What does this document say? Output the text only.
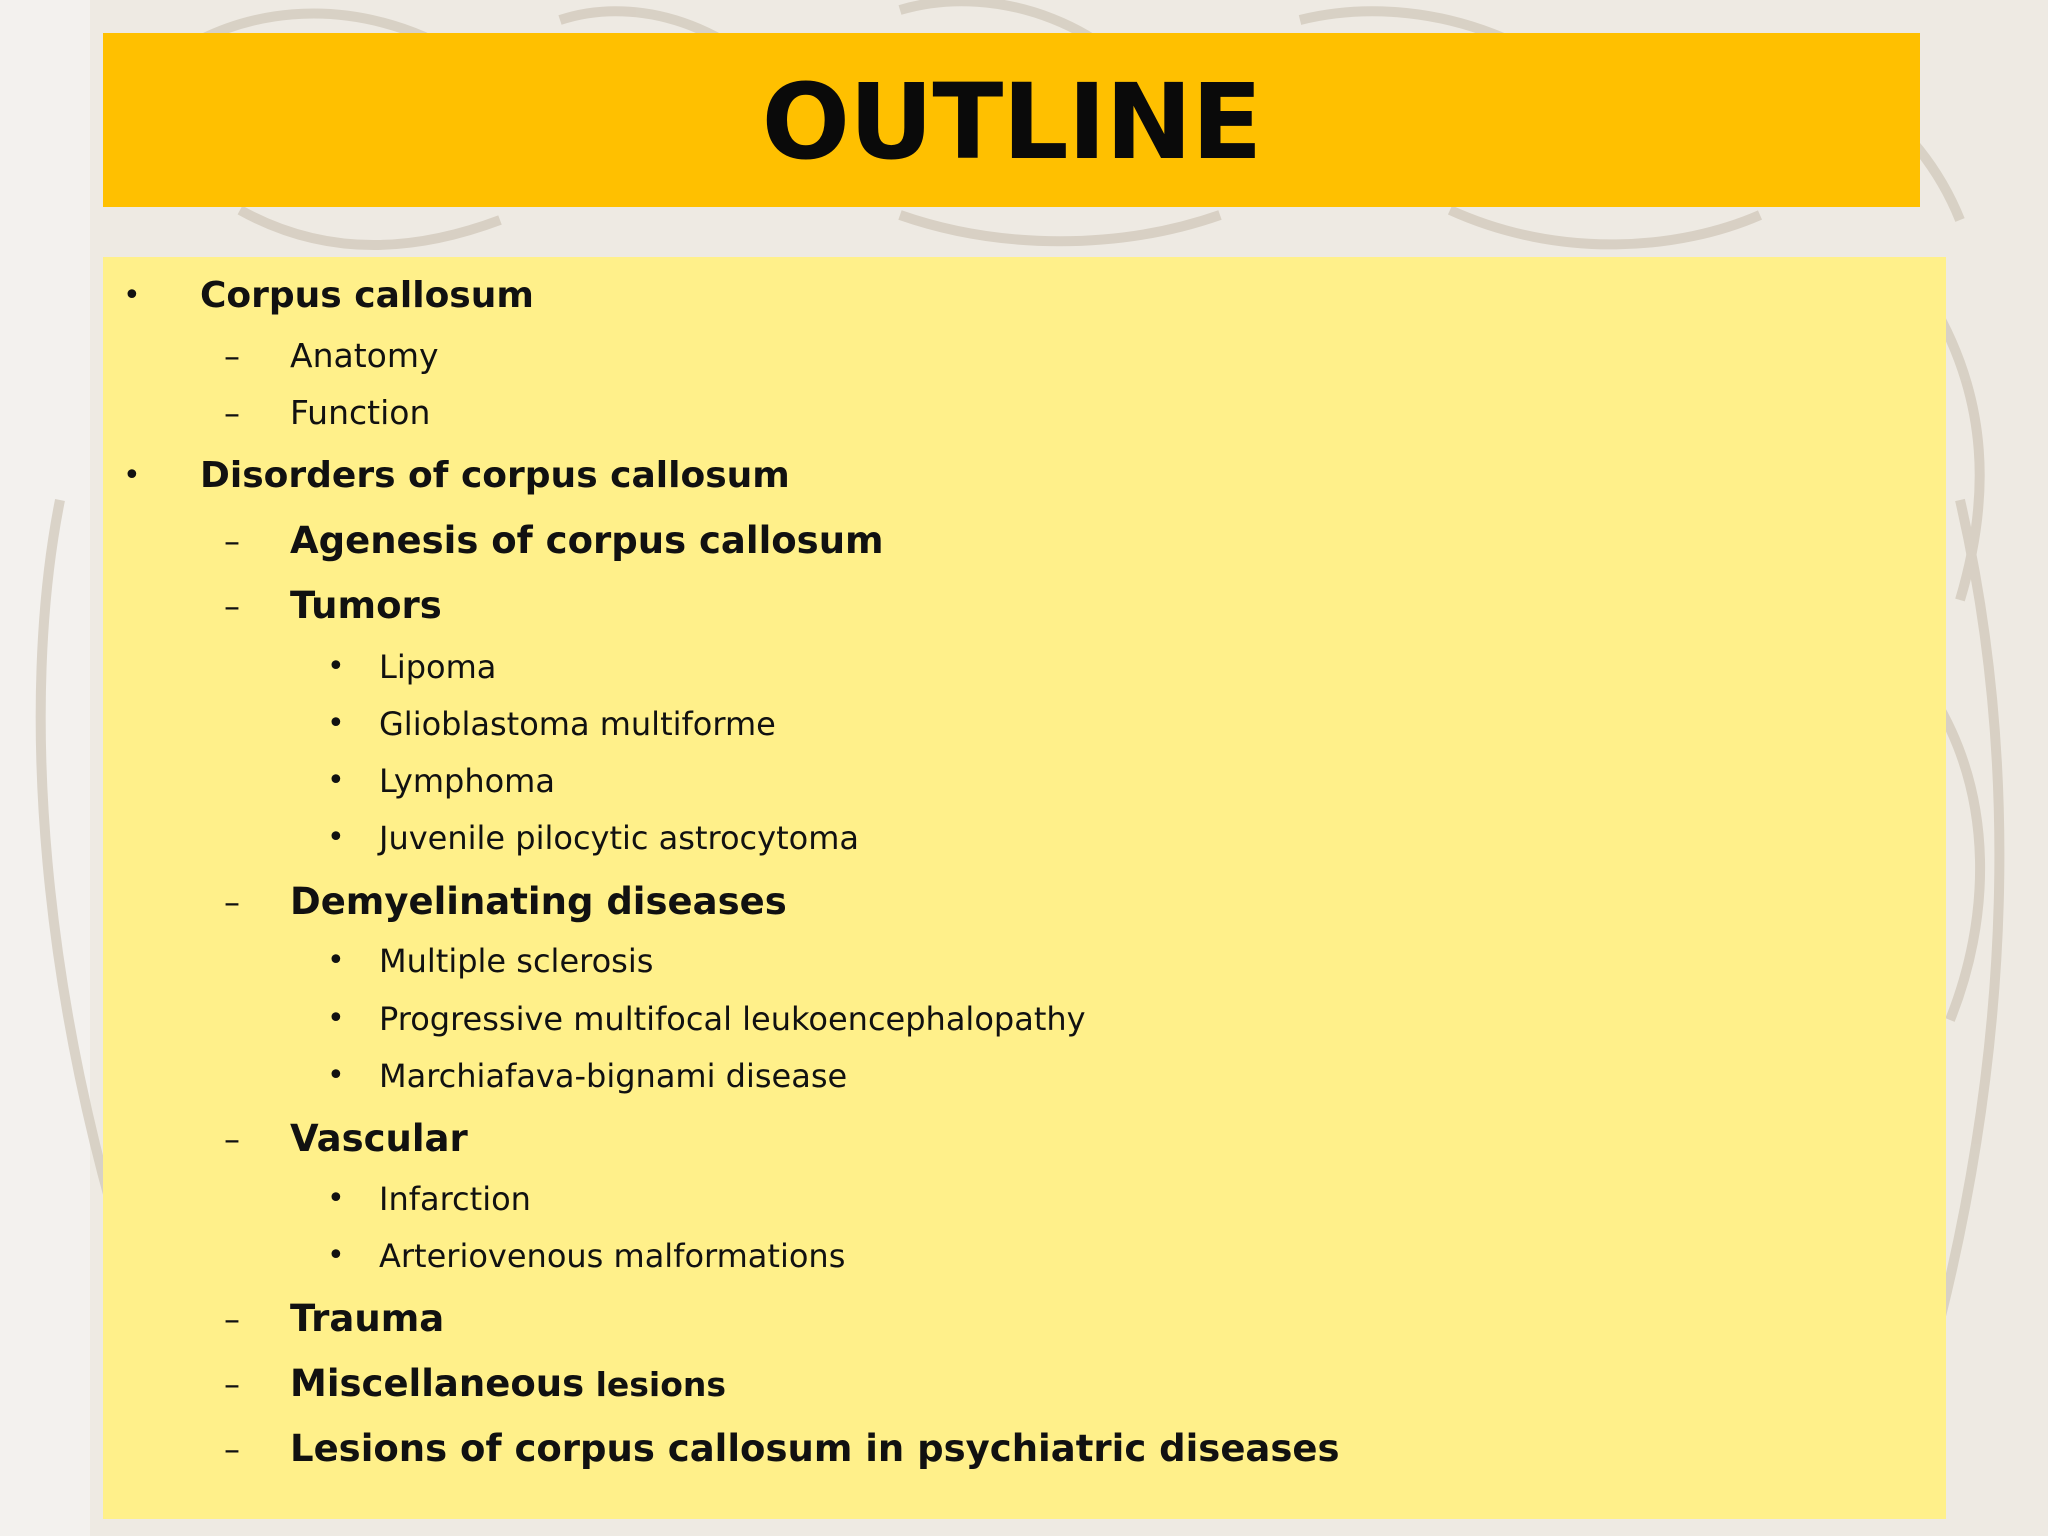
OUTLINE
• Corpus callosum
– Anatomy
– Function
• Disorders of corpus callosum
– Agenesis of corpus callosum
– Tumors
• Lipoma
• Glioblastoma multiforme
• Lymphoma
• Juvenile pilocytic astrocytoma
– Demyelinating diseases
• Multiple sclerosis
• Progressive multifocal leukoencephalopathy
• Marchiafava-bignami disease
– Vascular
• Infarction
• Arteriovenous malformations
– Trauma
– Miscellaneous lesions
– Lesions of corpus callosum in psychiatric diseases
